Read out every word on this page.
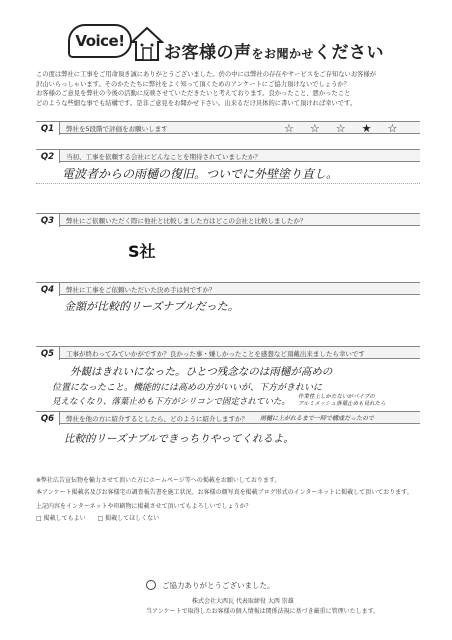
Voice!
お客様の声をお聞かせください
この度は弊社に工事をご用命頂き誠にありがとうございました。於の中には弊社の存在やサービスをご存知ないお客様が
沢山いらっしゃいます。そのかたたちに弊社をよく知って頂くためのアンケートにご協力頂けないでしょうか？
お客様のご意見を弊社の今後の活動に反映させていただきたいと考えております。良かったこと、悪かったこと
どのような些細な事でも結構です。是非ご意見をお聞かせ下さい。出来るだけ具体的に書いて頂ければ幸いです。
Q1	弊社を5段階で評価をお願いします	☆ ☆ ☆ ★ ☆
Q2	当初、工事を依頼する会社にどんなことを期待されていましたか？
電波者からの雨樋の復旧。ついでに外壁塗り直し。
Q3	弊社にご依頼いただく際に他社と比較しました方はどこの会社と比較しましたか？
S社
Q4	弊社に工事をご依頼いただいた決め手は何ですか？
金額が比較的リーズナブルだった。
Q5	工事が終わってみていかがですか？良かった事・嫌しかったことを感想など頂戴出来ましたら幸いです
外観はきれいになった。ひとつ残念なのは雨樋が高めの
位置になったこと。機能的には高めの方がいいが、下方がきれいに
見えなくなり、落葉止めも下方がシリコンで固定されていた。 作業性上しかたないがパイプの
アルミメッシュ落葉止めも見れたら
Q6	弊社を他の方に紹介するとしたら、どのように紹介しますか？ 雨樋に上がれるまで一時で構成だったので
比較的リーズナブルできっちりやってくれるよ。
※弊社広告宣伝物を輸力させて頂いた方にホームページ等への掲載をお願いしております。
本アンケート掲載名及びお客様宅の調査報告書を施工状況、お客様の顔写真を掲載ブログ形式のインターネットに掲載して頂いております。
上記内容をインターネットや印刷物に掲載させて頂いてもよろしいでしょうか？
□ 掲載してもよい　　□ 掲載してほしくない
ご協力ありがとうございました。
株式会社大西瓦 代表取締役 大西 崇雄
当アンケートで取得したお客様の個人情報は関係法規に基づき厳重に管理いたします。
